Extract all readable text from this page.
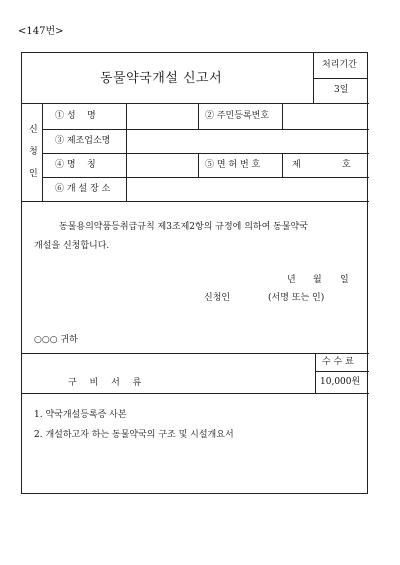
<147번>
동물약국개설 신고서
처리기간
3일
신
청
인
① 성    명	② 주민등록번호
③ 제조업소명
④ 명    칭	⑤ 면 허 번 호	제	호
⑥ 개 설 장 소
동물용의약품등취급규칙 제3조제2항의 규정에 의하여 동물약국
개설을 신청합니다.
년 월 일
신청인	(서명 또는 인)
○○○ 귀하
수 수 료
10,000원
구 비 서 류
1. 약국개설등록증 사본
2. 개설하고자 하는 동물약국의 구조 및 시설개요서
